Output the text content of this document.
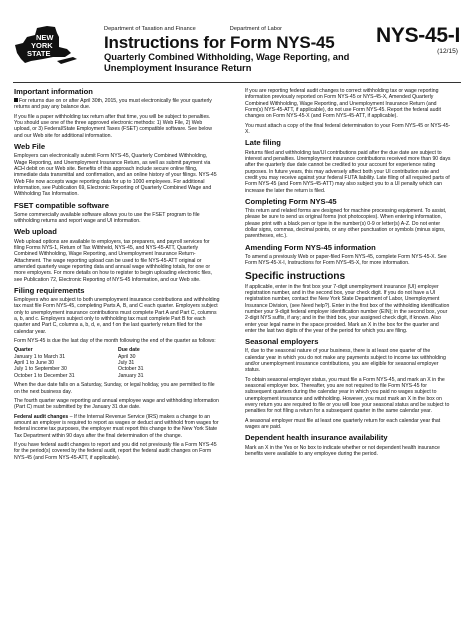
NEW
YORK
STATE
Department of Taxation and Finance	Department of Labor
Instructions for Form NYS-45
Quarterly Combined Withholding, Wage Reporting, and Unemployment Insurance Return
NYS-45-I
(12/15)
Important information

For returns due on or after April 30th, 2015, you must electronically file your quarterly returns and pay any balance due.

If you file a paper withholding tax return after that time, you will be subject to penalties. You should use one of the three approved electronic methods: 1) Web File, 2) Web upload, or 3) Federal/State Employment Taxes (FSET) compatible software. See below and our Web site for additional information.

Web File

Employers can electronically submit Form NYS-45, Quarterly Combined Withholding, Wage Reporting, and Unemployment Insurance Return, as well as submit payment via ACH debit on our Web site. Benefits of this approach include secure online filing, immediate data transmittal and confirmation, and an online history of your filings. NYS-45 Web File now accepts wage reporting data for up to 1000 employees. For additional information, see Publication 69, Electronic Reporting of Quarterly Combined Wage and Withholding Tax Information.

FSET compatible software

Some commercially available software allows you to use the FSET program to file withholding returns and report wage and UI information.

Web upload

Web upload options are available to employers, tax preparers, and payroll services for filing Forms NYS-1, Return of Tax Withheld, NYS-45, and NYS-45-ATT, Quarterly Combined Withholding, Wage Reporting, and Unemployment Insurance Return-Attachment. The wage reporting upload can be used to file NYS-45-ATT original or amended quarterly wage reporting data and annual wage withholding totals, for one or more employers. For more details on how to register to begin uploading electronic files, see Publication 72, Electronic Reporting of NYS-45 Information, and our Web site.

Filing requirements

Employers who are subject to both unemployment insurance contributions and withholding tax must file Form NYS-45, completing Parts A, B, and C each quarter. Employers subject only to unemployment insurance contributions must complete Part A and Part C, columns a, b, and c. Employers subject only to withholding tax must complete Part B for each quarter and Part C, columns a, b, d, e, and f on the last quarterly return filed for the calendar year.

Form NYS-45 is due the last day of the month following the end of the quarter as follows:

Quarter	Due date
January 1 to March 31	April 30
April 1 to June 30	July 31
July 1 to September 30	October 31
October 1 to December 31	January 31

When the due date falls on a Saturday, Sunday, or legal holiday, you are permitted to file on the next business day.

The fourth quarter wage reporting and annual employee wage and withholding information (Part C) must be submitted by the January 31 due date.

Federal audit changes – If the Internal Revenue Service (IRS) makes a change to an amount an employer is required to report as wages or deduct and withhold from wages for federal income tax purposes, the employer must report this change to the New York State Tax Department within 90 days after the final determination of the change.

If you have federal audit changes to report and you did not previously file a Form NYS-45 for the period(s) covered by the federal audit, report the federal audit changes on Form NYS-45 (and Form NYS-45-ATT, if applicable).

If you are reporting federal audit changes to correct withholding tax or wage reporting information previously reported on Form NYS-45 or NYS-45-X, Amended Quarterly Combined Withholding, Wage Reporting, and Unemployment Insurance Return (and Form(s) NYS-45-ATT, if applicable), do not use Form NYS-45. Report the federal audit changes on Form NYS-45-X (and Form NYS-45-ATT, if applicable).

You must attach a copy of the final federal determination to your Form NYS-45 or NYS-45-X.

Late filing

Returns filed and withholding tax/UI contributions paid after the due date are subject to interest and penalties. Unemployment insurance contributions received more than 90 days after the quarterly due date cannot be credited to your account for experience rating purposes. In future years, this may adversely affect both your UI contribution rate and credit you may receive against your federal FUTA liability. Late filing of all required parts of Form NYS-45 (and Form NYS-45-ATT) may also subject you to a UI penalty which can increase the later the return is filed.

Completing Form NYS-45

This return and related forms are designed for machine processing equipment. To assist, please be sure to send us original forms (not photocopies). When entering information, please print with a black pen or type in the number(s) 0-9 or letter(s) A-Z. Do not enter dollar signs, commas, decimal points, or any other punctuation or symbols (minus signs, parentheses, etc.).

Amending Form NYS-45 information

To amend a previously Web or paper-filed Form NYS-45, complete Form NYS-45-X. See Form NYS-45-X-I, Instructions for Form NYS-45-X, for more information.

Specific instructions

If applicable, enter in the first box your 7-digit unemployment insurance (UI) employer registration number, and in the second box, your check digit. If you do not have a UI registration number, contact the New York State Department of Labor, Unemployment Insurance Division, (see Need help?). Enter in the first box of the withholding identification number your 9-digit federal employer identification number (EIN); in the second box, your 2-digit NYS suffix, if any; and in the third box, your assigned check digit, if known. Also enter your legal name in the space provided. Mark an X in the box for the quarter and enter the last two digits of the year of the period for which you are filing.

Seasonal employers

If, due to the seasonal nature of your business, there is at least one quarter of the calendar year in which you do not make any payments subject to income tax withholding and/or unemployment insurance contributions, you are eligible for seasonal employer status.

To obtain seasonal employer status, you must file a Form NYS-45, and mark an X in the seasonal employer box. Thereafter, you are not required to file Form NYS-45 for subsequent quarters during the calendar year in which you paid no wages subject to unemployment insurance and withholding. However, you must mark an X in the box on every return you are required to file or you will lose your seasonal status and be subject to penalties for not filing a return for a subsequent quarter in the same calendar year.

A seasonal employer must file at least one quarterly return for each calendar year that wages are paid.

Dependent health insurance availability

Mark an X in the Yes or No box to indicate whether or not dependent health insurance benefits were available to any employee during the period.
